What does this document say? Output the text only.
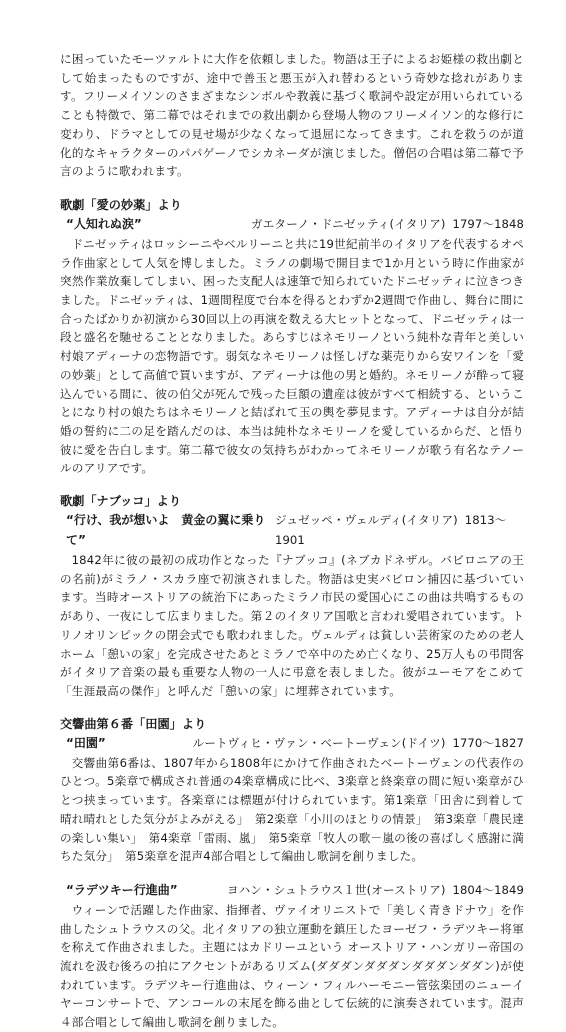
に困っていたモーツァルトに大作を依頼しました。物語は王子によるお姫様の救出劇として始まったものですが、途中で善玉と悪玉が入れ替わるという奇妙な捻れがあります。フリーメイソンのさまざまなシンボルや教義に基づく歌詞や設定が用いられていることも特徴で、第二幕ではそれまでの救出劇から登場人物のフリーメイソン的な修行に変わり、ドラマとしての見せ場が少なくなって退屈になってきます。これを救うのが道化的なキャラクターのパパゲーノでシカネーダが演じました。僧侶の合唱は第二幕で予言のように歌われます。

歌劇「愛の妙薬」より
“人知れぬ涙”	ガエターノ・ドニゼッティ(イタリア) 1797～1848

ドニゼッティはロッシーニやベルリーニと共に19世紀前半のイタリアを代表するオペラ作曲家として人気を博しました。ミラノの劇場で開目まで1か月という時に作曲家が突然作業放棄してしまい、困った支配人は速筆で知られていたドニゼッティに泣きつきました。ドニゼッティは、1週間程度で台本を得るとわずか2週間で作曲し、舞台に間に合ったばかりか初演から30回以上の再演を数える大ヒットとなって、ドニゼッティは一段と盛名を馳せることとなりました。あらすじはネモリーノという純朴な青年と美しい村娘アディーナの恋物語です。弱気なネモリーノは怪しげな薬売りから安ワインを「愛の妙薬」として高値で買いますが、アディーナは他の男と婚約。ネモリーノが酔って寝込んでいる間に、彼の伯父が死んで残った巨額の遺産は彼がすべて相続する、ということになり村の娘たちはネモリーノと結ばれて玉の輿を夢見ます。アディーナは自分が結婚の誓約に二の足を踏んだのは、本当は純朴なネモリーノを愛しているからだ、と悟り彼に愛を告白します。第二幕で彼女の気持ちがわかってネモリーノが歌う有名なテノールのアリアです。

歌劇「ナブッコ」より
“行け、我が想いよ　黄金の翼に乗りて”
ジュゼッペ・ヴェルディ(イタリア) 1813～1901

1842年に彼の最初の成功作となった『ナブッコ』(ネブカドネザル。バビロニアの王の名前)がミラノ・スカラ座で初演されました。物語は史実バビロン捕囚に基づいています。当時オーストリアの統治下にあったミラノ市民の愛国心にこの曲は共鳴するものがあり、一夜にして広まりました。第２のイタリア国歌と言われ愛唱されています。トリノオリンピックの閉会式でも歌われました。ヴェルディは貧しい芸術家のための老人ホーム「憩いの家」を完成させたあとミラノで卒中のため亡くなり、25万人もの弔問客がイタリア音楽の最も重要な人物の一人に弔意を表しました。彼がユーモアをこめて「生涯最高の傑作」と呼んだ「憩いの家」に埋葬されています。

交響曲第６番「田園」より
“田園”	ルートヴィヒ・ヴァン・ベートーヴェン(ドイツ) 1770～1827

交響曲第6番は、1807年から1808年にかけて作曲されたベートーヴェンの代表作のひとつ。5楽章で構成され普通の4楽章構成に比べ、3楽章と終楽章の間に短い楽章がひとつ挟まっています。各楽章には標題が付けられています。第1楽章「田舎に到着して晴れ晴れとした気分がよみがえる」　第2楽章「小川のほとりの情景」　第3楽章「農民達の楽しい集い」　第4楽章「雷雨、嵐」　第5楽章「牧人の歌－嵐の後の喜ばしく感謝に満ちた気分」　第5楽章を混声4部合唱として編曲し歌詞を創りました。

“ラデツキー行進曲”	ヨハン・シュトラウス１世(オーストリア) 1804～1849

ウィーンで活躍した作曲家、指揮者、ヴァイオリニストで「美しく青きドナウ」を作曲したシュトラウスの父。北イタリアの独立運動を鎮圧したヨーゼフ・ラデツキー将軍を称えて作曲されました。主題にはカドリーユという オーストリア・ハンガリー帝国の流れを汲む後ろの拍にアクセントがあるリズム(ダダダンダダダンダダダンダダン)が使われています。ラデツキー行進曲は、ウィーン・フィルハーモニー管弦楽団のニューイヤーコンサートで、アンコールの末尾を飾る曲として伝統的に演奏されています。混声４部合唱として編曲し歌詞を創りました。
